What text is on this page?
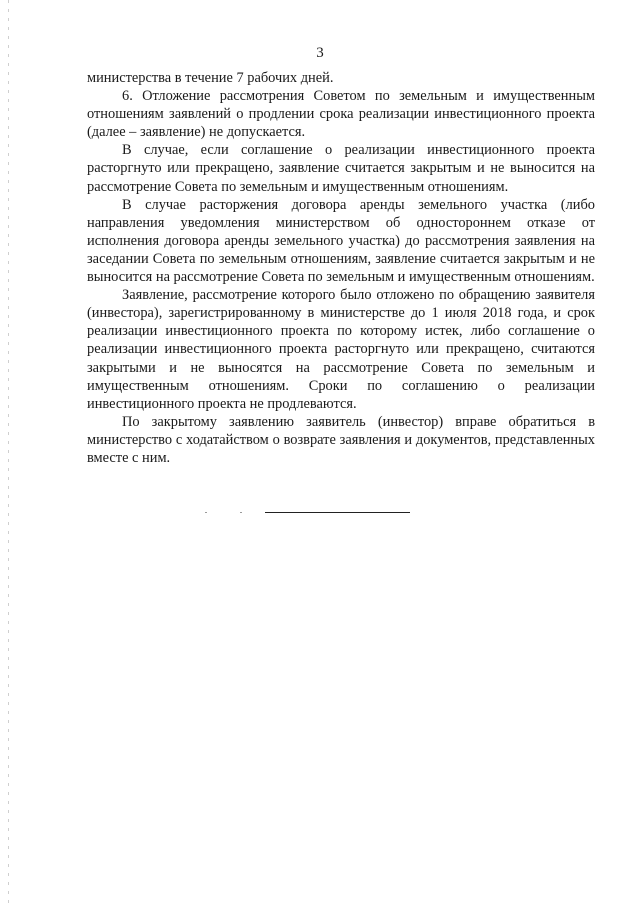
3

министерства в течение 7 рабочих дней.

6. Отложение рассмотрения Советом по земельным и имущественным отношениям заявлений о продлении срока реализации инвестиционного проекта (далее – заявление) не допускается.

В случае, если соглашение о реализации инвестиционного проекта расторгнуто или прекращено, заявление считается закрытым и не выносится на рассмотрение Совета по земельным и имущественным отношениям.

В случае расторжения договора аренды земельного участка (либо направления уведомления министерством об одностороннем отказе от исполнения договора аренды земельного участка) до рассмотрения заявления на заседании Совета по земельным отношениям, заявление считается закрытым и не выносится на рассмотрение Совета по земельным и имущественным отношениям.

Заявление, рассмотрение которого было отложено по обращению заявителя (инвестора), зарегистрированному в министерстве до 1 июля 2018 года, и срок реализации инвестиционного проекта по которому истек, либо соглашение о реализации инвестиционного проекта расторгнуто или прекращено, считаются закрытыми и не выносятся на рассмотрение Совета по земельным и имущественным отношениям. Сроки по соглашению о реализации инвестиционного проекта не продлеваются.

По закрытому заявлению заявитель (инвестор) вправе обратиться в министерство с ходатайством о возврате заявления и документов, представленных вместе с ним.
